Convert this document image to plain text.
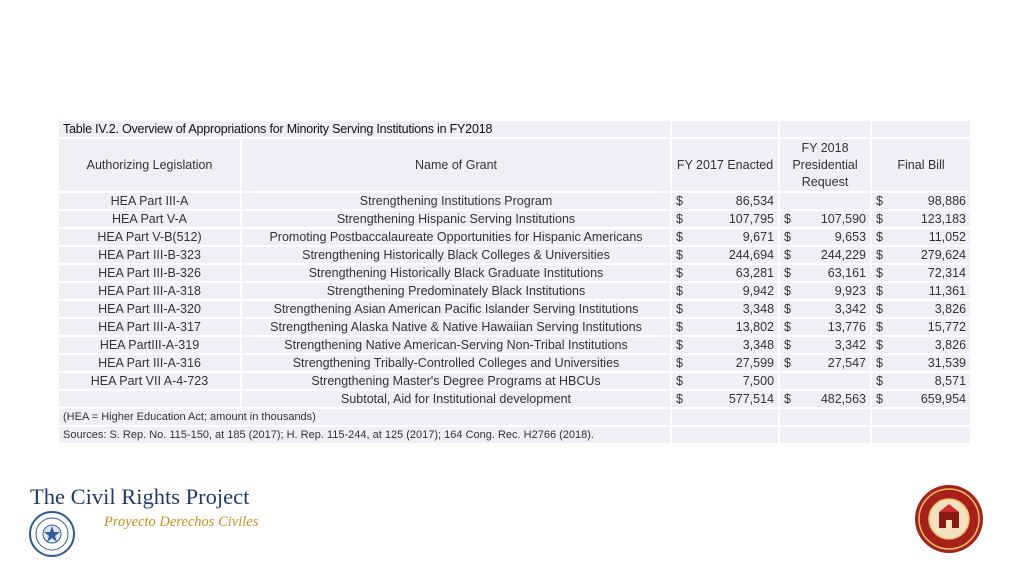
Table IV.2. Overview of Appropriations for Minority Serving Institutions in FY2018				
Authorizing Legislation	Name of Grant	FY 2017 Enacted	FY 2018 Presidential Request	Final Bill
HEA Part III-A	Strengthening Institutions Program	$ 86,534		$ 98,886

HEA Part V-A	Strengthening Hispanic Serving Institutions	$ 107,795	$ 107,590	$ 123,183

HEA Part V-B(512)	Promoting Postbaccalaureate Opportunities for Hispanic Americans	$ 9,671	$ 9,653	$ 11,052

HEA Part III-B-323	Strengthening Historically Black Colleges & Universities	$ 244,694	$ 244,229	$ 279,624

HEA Part III-B-326	Strengthening Historically Black Graduate Institutions	$ 63,281	$ 63,161	$ 72,314

HEA Part III-A-318	Strengthening Predominately Black Institutions	$ 9,942	$ 9,923	$ 11,361

HEA Part III-A-320	Strengthening Asian American Pacific Islander Serving Institutions	$ 3,348	$ 3,342	$ 3,826

HEA Part III-A-317	Strengthening Alaska Native & Native Hawaiian Serving Institutions	$ 13,802	$ 13,776	$ 15,772

HEA PartIII-A-319	Strengthening Native American-Serving Non-Tribal Institutions	$ 3,348	$ 3,342	$ 3,826

HEA Part III-A-316	Strengthening Tribally-Controlled Colleges and Universities	$ 27,599	$ 27,547	$ 31,539

HEA Part VII A-4-723	Strengthening Master's Degree Programs at HBCUs	$ 7,500		$ 8,571

	Subtotal, Aid for Institutional development	$ 577,514	$ 482,563	$ 659,954

(HEA = Higher Education Act; amount in thousands)				
Sources: S. Rep. No. 115-150, at 185 (2017); H. Rep. 115-244, at 125 (2017); 164 Cong. Rec. H2766 (2018).				
The Civil Rights Project
Proyecto Derechos Civiles
